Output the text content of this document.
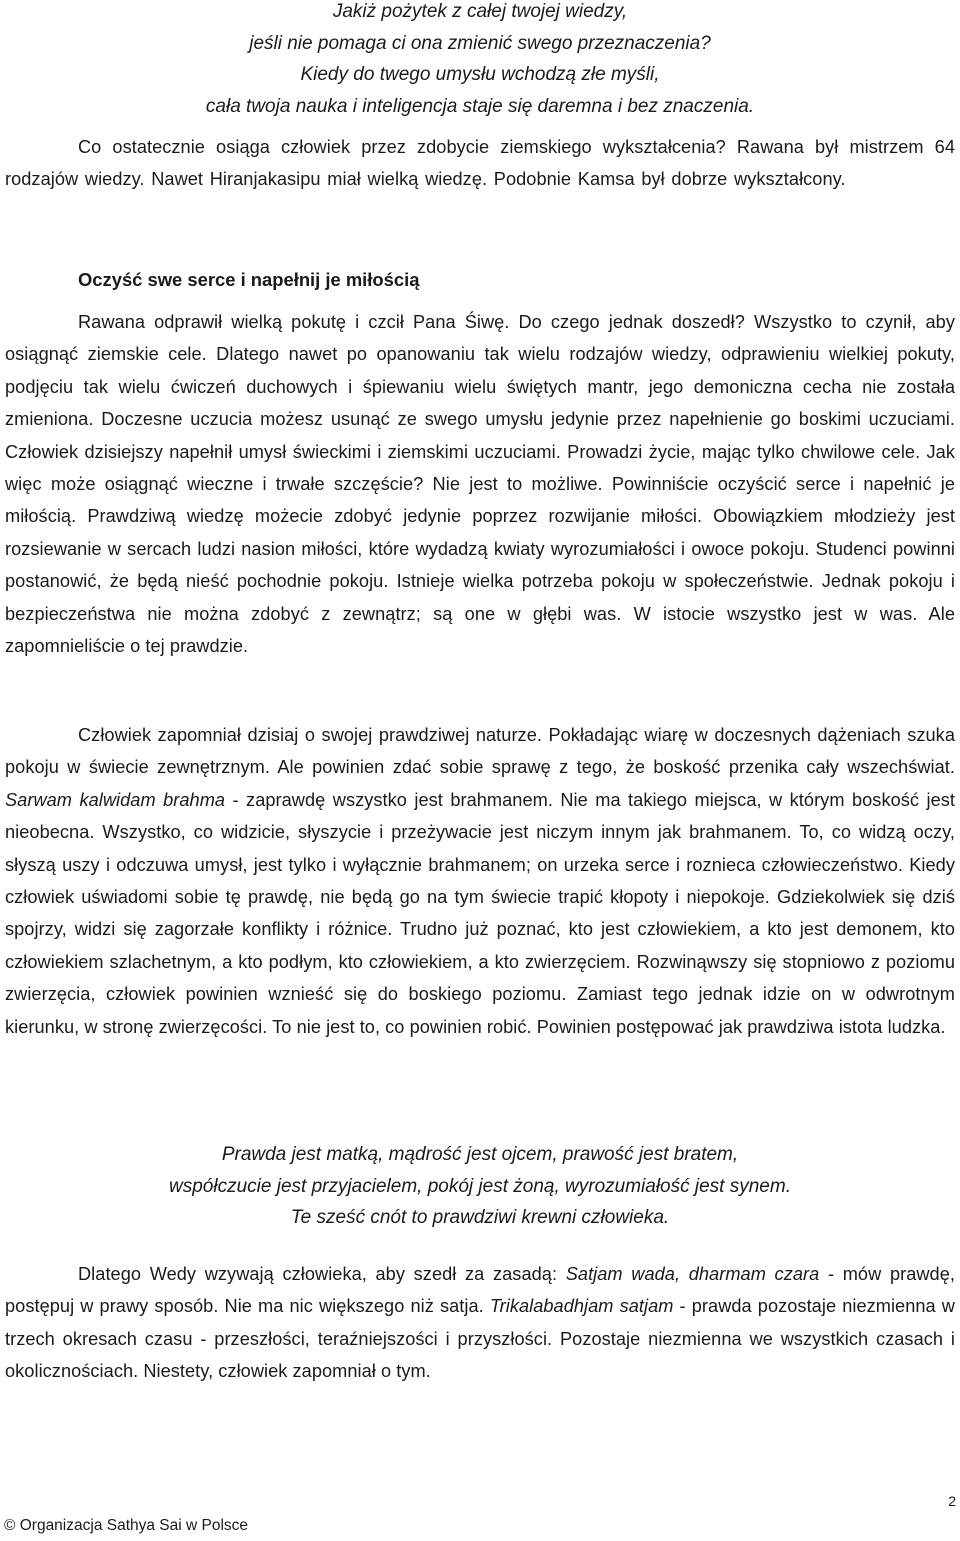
Jakiż pożytek z całej twojej wiedzy,
jeśli nie pomaga ci ona zmienić swego przeznaczenia?
Kiedy do twego umysłu wchodzą złe myśli,
cała twoja nauka i inteligencja staje się daremna i bez znaczenia.

Co ostatecznie osiąga człowiek przez zdobycie ziemskiego wykształcenia? Rawana był mistrzem 64 rodzajów wiedzy. Nawet Hiranjakasipu miał wielką wiedzę. Podobnie Kamsa był dobrze wykształcony.

Oczyść swe serce i napełnij je miłością

Rawana odprawił wielką pokutę i czcił Pana Śiwę. Do czego jednak doszedł? Wszystko to czynił, aby osiągnąć ziemskie cele. Dlatego nawet po opanowaniu tak wielu rodzajów wiedzy, odprawieniu wielkiej pokuty, podjęciu tak wielu ćwiczeń duchowych i śpiewaniu wielu świętych mantr, jego demoniczna cecha nie została zmieniona. Doczesne uczucia możesz usunąć ze swego umysłu jedynie przez napełnienie go boskimi uczuciami. Człowiek dzisiejszy napełnił umysł świeckimi i ziemskimi uczuciami. Prowadzi życie, mając tylko chwilowe cele. Jak więc może osiągnąć wieczne i trwałe szczęście? Nie jest to możliwe. Powinniście oczyścić serce i napełnić je miłością. Prawdziwą wiedzę możecie zdobyć jedynie poprzez rozwijanie miłości. Obowiązkiem młodzieży jest rozsiewanie w sercach ludzi nasion miłości, które wydadzą kwiaty wyrozumiałości i owoce pokoju. Studenci powinni postanowić, że będą nieść pochodnie pokoju. Istnieje wielka potrzeba pokoju w społeczeństwie. Jednak pokoju i bezpieczeństwa nie można zdobyć z zewnątrz; są one w głębi was. W istocie wszystko jest w was. Ale zapomnieliście o tej prawdzie.

Człowiek zapomniał dzisiaj o swojej prawdziwej naturze. Pokładając wiarę w doczesnych dążeniach szuka pokoju w świecie zewnętrznym. Ale powinien zdać sobie sprawę z tego, że boskość przenika cały wszechświat. Sarwam kalwidam brahma - zaprawdę wszystko jest brahmanem. Nie ma takiego miejsca, w którym boskość jest nieobecna. Wszystko, co widzicie, słyszycie i przeżywacie jest niczym innym jak brahmanem. To, co widzą oczy, słyszą uszy i odczuwa umysł, jest tylko i wyłącznie brahmanem; on urzeka serce i roznieca człowieczeństwo. Kiedy człowiek uświadomi sobie tę prawdę, nie będą go na tym świecie trapić kłopoty i niepokoje. Gdziekolwiek się dziś spojrzy, widzi się zagorzałe konflikty i różnice. Trudno już poznać, kto jest człowiekiem, a kto jest demonem, kto człowiekiem szlachetnym, a kto podłym, kto człowiekiem, a kto zwierzęciem. Rozwinąwszy się stopniowo z poziomu zwierzęcia, człowiek powinien wznieść się do boskiego poziomu. Zamiast tego jednak idzie on w odwrotnym kierunku, w stronę zwierzęcości. To nie jest to, co powinien robić. Powinien postępować jak prawdziwa istota ludzka.

Prawda jest matką, mądrość jest ojcem, prawość jest bratem,
współczucie jest przyjacielem, pokój jest żoną, wyrozumiałość jest synem.
Te sześć cnót to prawdziwi krewni człowieka.

Dlatego Wedy wzywają człowieka, aby szedł za zasadą: Satjam wada, dharmam czara - mów prawdę, postępuj w prawy sposób. Nie ma nic większego niż satja. Trikalabadhjam satjam - prawda pozostaje niezmienna w trzech okresach czasu - przeszłości, teraźniejszości i przyszłości. Pozostaje niezmienna we wszystkich czasach i okolicznościach. Niestety, człowiek zapomniał o tym.

2
© Organizacja Sathya Sai w Polsce
